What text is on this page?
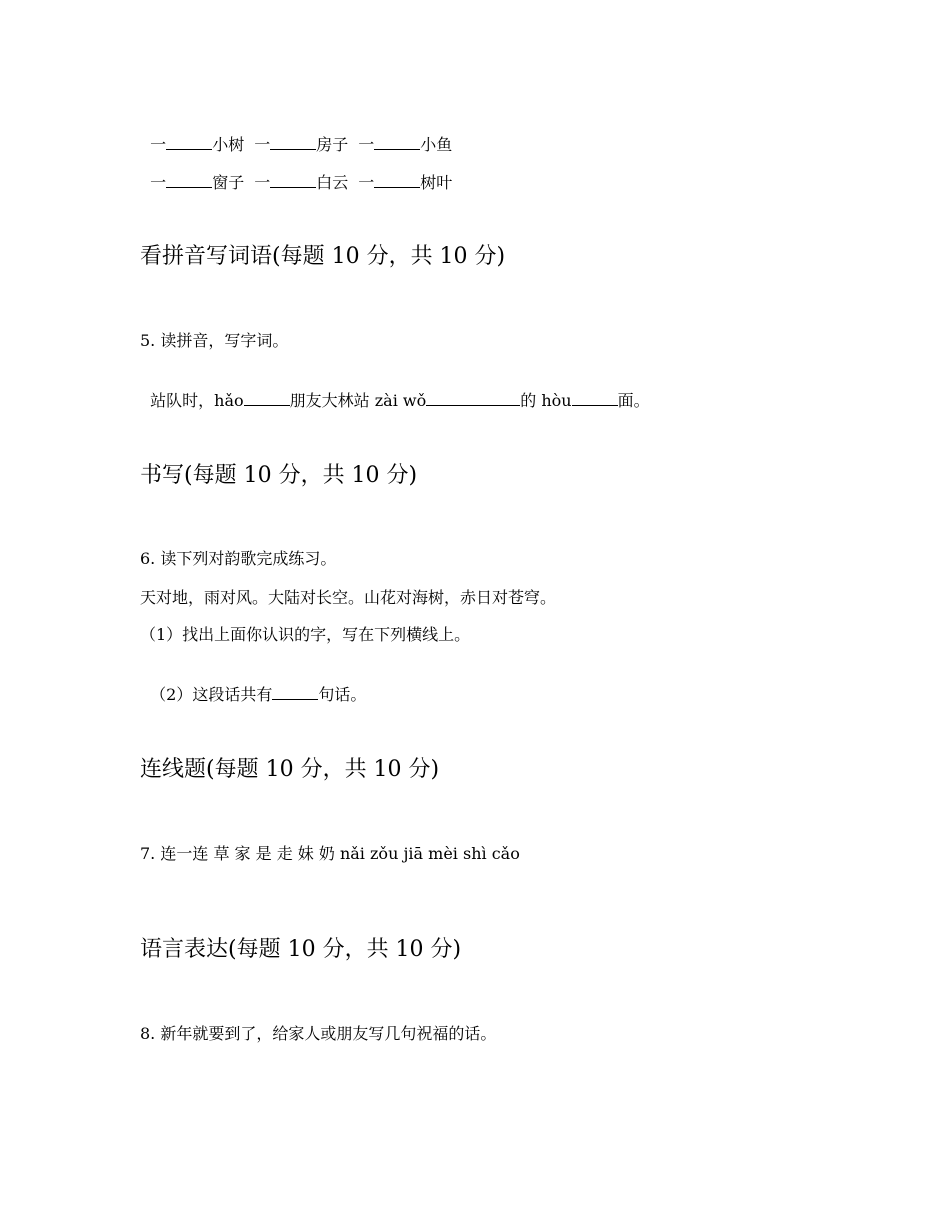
一	小树 一	房子 一	小鱼

一	窗子 一	白云 一	树叶

看拼音写词语(每题 10 分，共 10 分)
5. 读拼音，写字词。

站队时，hǎo	朋友大林站 zài wǒ	的 hòu	面。

书写(每题 10 分，共 10 分)
6. 读下列对韵歌完成练习。
天对地，雨对风。大陆对长空。山花对海树，赤日对苍穹。
（1）找出上面你认识的字，写在下列横线上。

（2）这段话共有	句话。

连线题(每题 10 分，共 10 分)
7. 连一连 草 家 是 走 妹 奶 nǎi zǒu jiā mèi shì cǎo
语言表达(每题 10 分，共 10 分)
8. 新年就要到了，给家人或朋友写几句祝福的话。
